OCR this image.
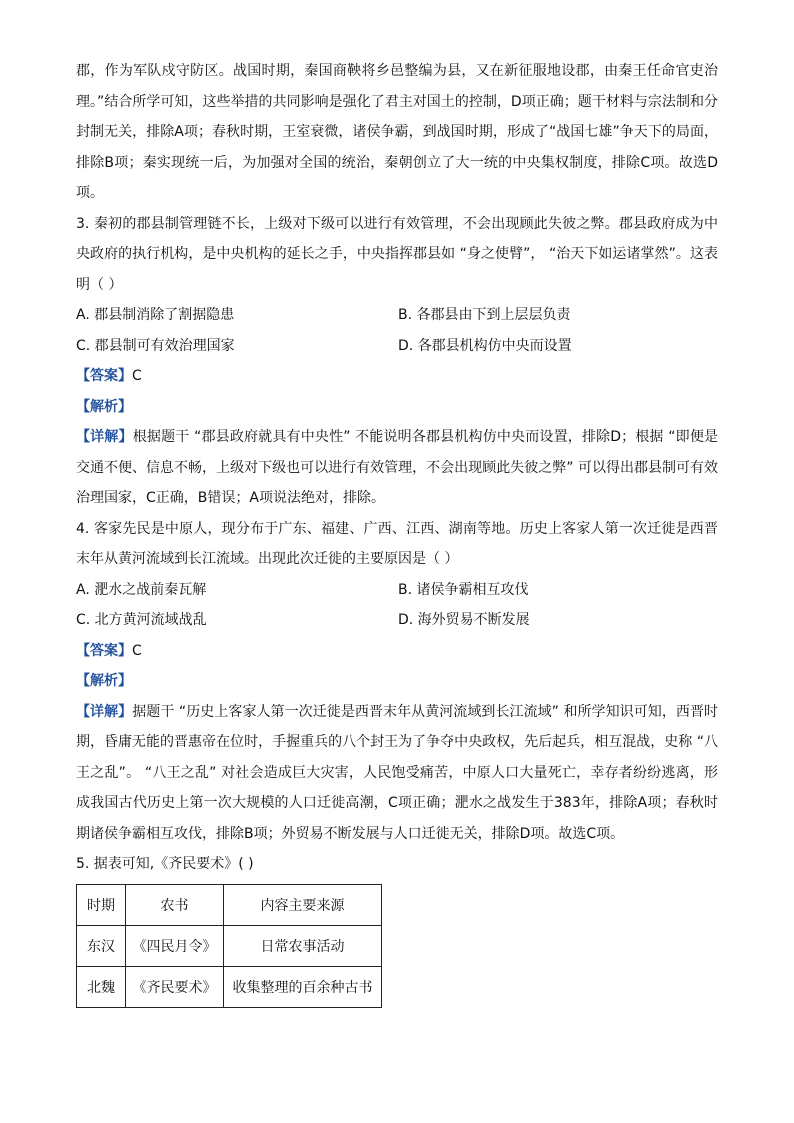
郡，作为军队戍守防区。战国时期，秦国商鞅将乡邑整编为县，又在新征服地设郡，由秦王任命官吏治理。”结合所学可知，这些举措的共同影响是强化了君主对国土的控制，D项正确；题干材料与宗法制和分封制无关，排除A项；春秋时期，王室衰微，诸侯争霸，到战国时期，形成了“战国七雄”争天下的局面，排除B项；秦实现统一后，为加强对全国的统治，秦朝创立了大一统的中央集权制度，排除C项。故选D项。

3. 秦初的郡县制管理链不长，上级对下级可以进行有效管理，不会出现顾此失彼之弊。郡县政府成为中央政府的执行机构，是中央机构的延长之手，中央指挥郡县如 “身之使臂”， “治天下如运诸掌然”。这表明（ ）

A. 郡县制消除了割据隐患	B. 各郡县由下到上层层负责
C. 郡县制可有效治理国家	D. 各郡县机构仿中央而设置

【答案】C

【解析】

【详解】根据题干 “郡县政府就具有中央性” 不能说明各郡县机构仿中央而设置，排除D；根据 “即便是交通不便、信息不畅，上级对下级也可以进行有效管理，不会出现顾此失彼之弊” 可以得出郡县制可有效治理国家，C正确，B错误；A项说法绝对，排除。

4. 客家先民是中原人，现分布于广东、福建、广西、江西、湖南等地。历史上客家人第一次迁徙是西晋末年从黄河流域到长江流域。出现此次迁徙的主要原因是（ ）

A. 淝水之战前秦瓦解	B. 诸侯争霸相互攻伐
C. 北方黄河流域战乱	D. 海外贸易不断发展

【答案】C

【解析】

【详解】据题干 “历史上客家人第一次迁徙是西晋末年从黄河流域到长江流域” 和所学知识可知，西晋时期，昏庸无能的晋惠帝在位时，手握重兵的八个封王为了争夺中央政权，先后起兵，相互混战，史称 “八王之乱”。 “八王之乱” 对社会造成巨大灾害，人民饱受痛苦，中原人口大量死亡，幸存者纷纷逃离，形成我国古代历史上第一次大规模的人口迁徙高潮，C项正确；淝水之战发生于383年，排除A项；春秋时期诸侯争霸相互攻伐，排除B项；外贸易不断发展与人口迁徙无关，排除D项。故选C项。

5. 据表可知,《齐民要术》( )

时期	农书	内容主要来源
东汉	《四民月令》	日常农事活动
北魏	《齐民要术》	收集整理的百余种古书
